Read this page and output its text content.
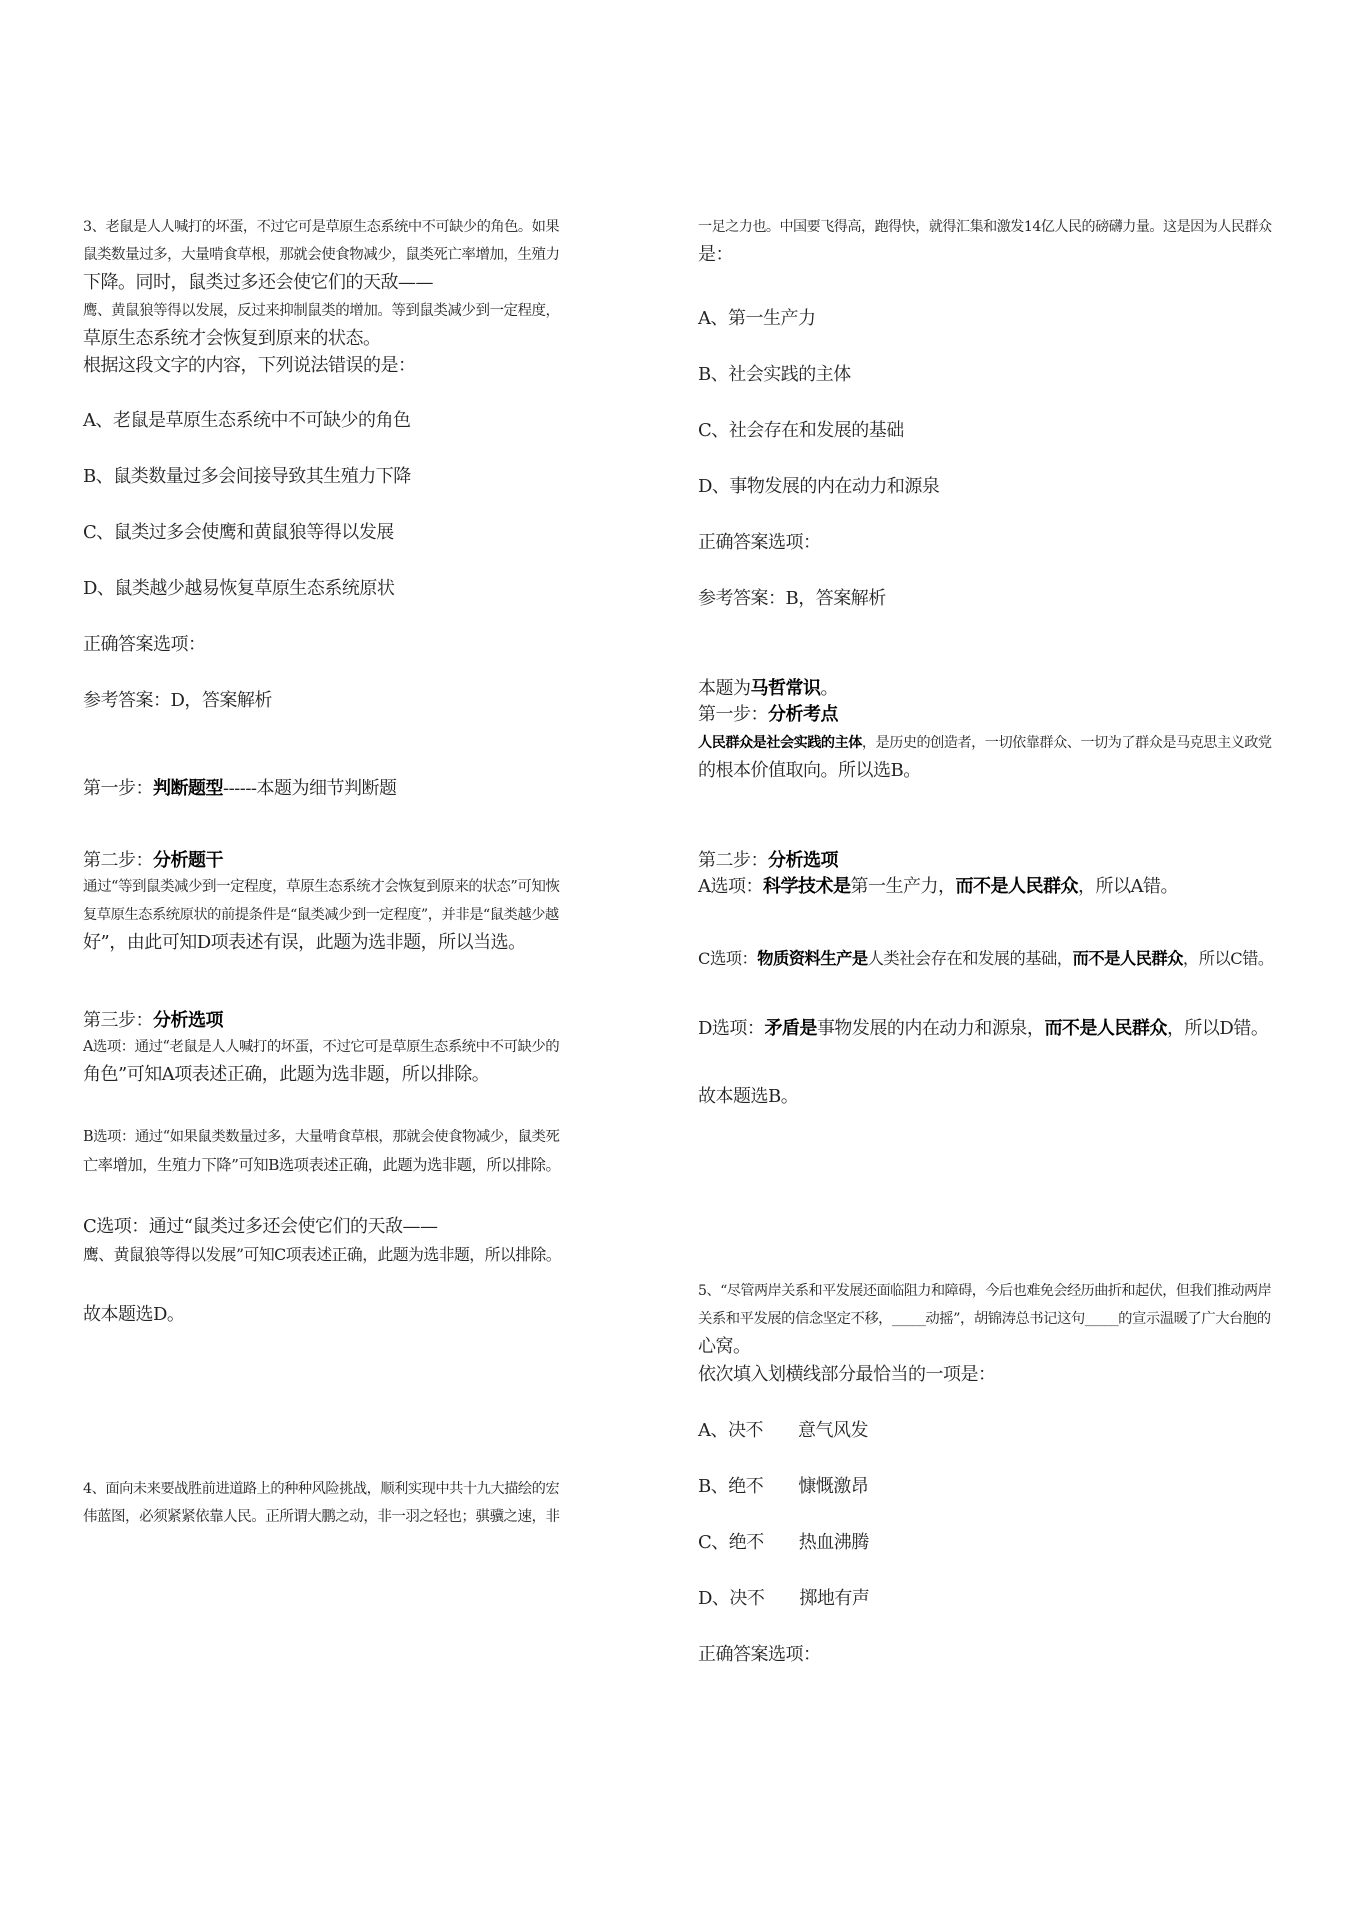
3、老鼠是人人喊打的坏蛋，不过它可是草原生态系统中不可缺少的角色。如果
鼠类数量过多，大量啃食草根，那就会使食物减少，鼠类死亡率增加，生殖力
下降。同时，鼠类过多还会使它们的天敌——
鹰、黄鼠狼等得以发展，反过来抑制鼠类的增加。等到鼠类减少到一定程度，
草原生态系统才会恢复到原来的状态。
根据这段文字的内容，下列说法错误的是：
A、老鼠是草原生态系统中不可缺少的角色
B、鼠类数量过多会间接导致其生殖力下降
C、鼠类过多会使鹰和黄鼠狼等得以发展
D、鼠类越少越易恢复草原生态系统原状
正确答案选项：
参考答案：D，答案解析
第一步：判断题型------本题为细节判断题
第二步：分析题干
通过“等到鼠类减少到一定程度，草原生态系统才会恢复到原来的状态”可知恢
复草原生态系统原状的前提条件是“鼠类减少到一定程度”，并非是“鼠类越少越
好”，由此可知D项表述有误，此题为选非题，所以当选。
第三步：分析选项
A选项：通过“老鼠是人人喊打的坏蛋，不过它可是草原生态系统中不可缺少的
角色”可知A项表述正确，此题为选非题，所以排除。
B选项：通过“如果鼠类数量过多，大量啃食草根，那就会使食物减少，鼠类死
亡率增加，生殖力下降”可知B选项表述正确，此题为选非题，所以排除。
C选项：通过“鼠类过多还会使它们的天敌——
鹰、黄鼠狼等得以发展”可知C项表述正确，此题为选非题，所以排除。
故本题选D。
4、面向未来要战胜前进道路上的种种风险挑战，顺利实现中共十九大描绘的宏
伟蓝图，必须紧紧依靠人民。正所谓大鹏之动，非一羽之轻也；骐骥之速，非
一足之力也。中国要飞得高，跑得快，就得汇集和激发14亿人民的磅礴力量。这是因为人民群众
是：
A、第一生产力
B、社会实践的主体
C、社会存在和发展的基础
D、事物发展的内在动力和源泉
正确答案选项：
参考答案：B，答案解析
本题为马哲常识。
第一步：分析考点
人民群众是社会实践的主体，是历史的创造者，一切依靠群众、一切为了群众是马克思主义政党
的根本价值取向。所以选B。
第二步：分析选项
A选项：科学技术是第一生产力，而不是人民群众，所以A错。
C选项：物质资料生产是人类社会存在和发展的基础，而不是人民群众，所以C错。
D选项：矛盾是事物发展的内在动力和源泉，而不是人民群众，所以D错。
故本题选B。
5、“尽管两岸关系和平发展还面临阻力和障碍，今后也难免会经历曲折和起伏，但我们推动两岸
关系和平发展的信念坚定不移，_____动摇”，胡锦涛总书记这句_____的宣示温暖了广大台胞的
心窝。
依次填入划横线部分最恰当的一项是：
A、决不　　意气风发
B、绝不　　慷慨激昂
C、绝不　　热血沸腾
D、决不　　掷地有声
正确答案选项：
